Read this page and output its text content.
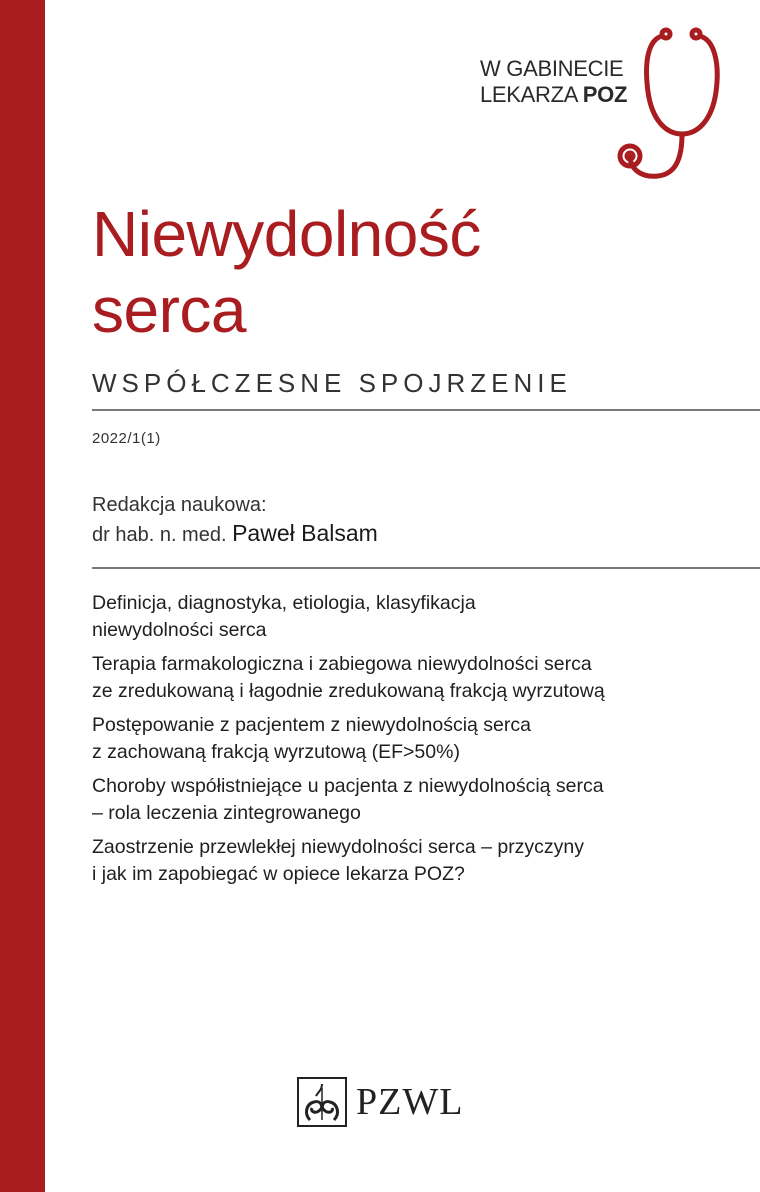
W GABINECIE
LEKARZA POZ
Niewydolność
serca
WSPÓŁCZESNE SPOJRZENIE
2022/1(1)
Redakcja naukowa:
dr hab. n. med. Paweł Balsam
Definicja, diagnostyka, etiologia, klasyfikacja
niewydolności serca
Terapia farmakologiczna i zabiegowa niewydolności serca
ze zredukowaną i łagodnie zredukowaną frakcją wyrzutową
Postępowanie z pacjentem z niewydolnością serca
z zachowaną frakcją wyrzutową (EF>50%)
Choroby współistniejące u pacjenta z niewydolnością serca
– rola leczenia zintegrowanego
Zaostrzenie przewlekłej niewydolności serca – przyczyny
i jak im zapobiegać w opiece lekarza POZ?
PZWL
